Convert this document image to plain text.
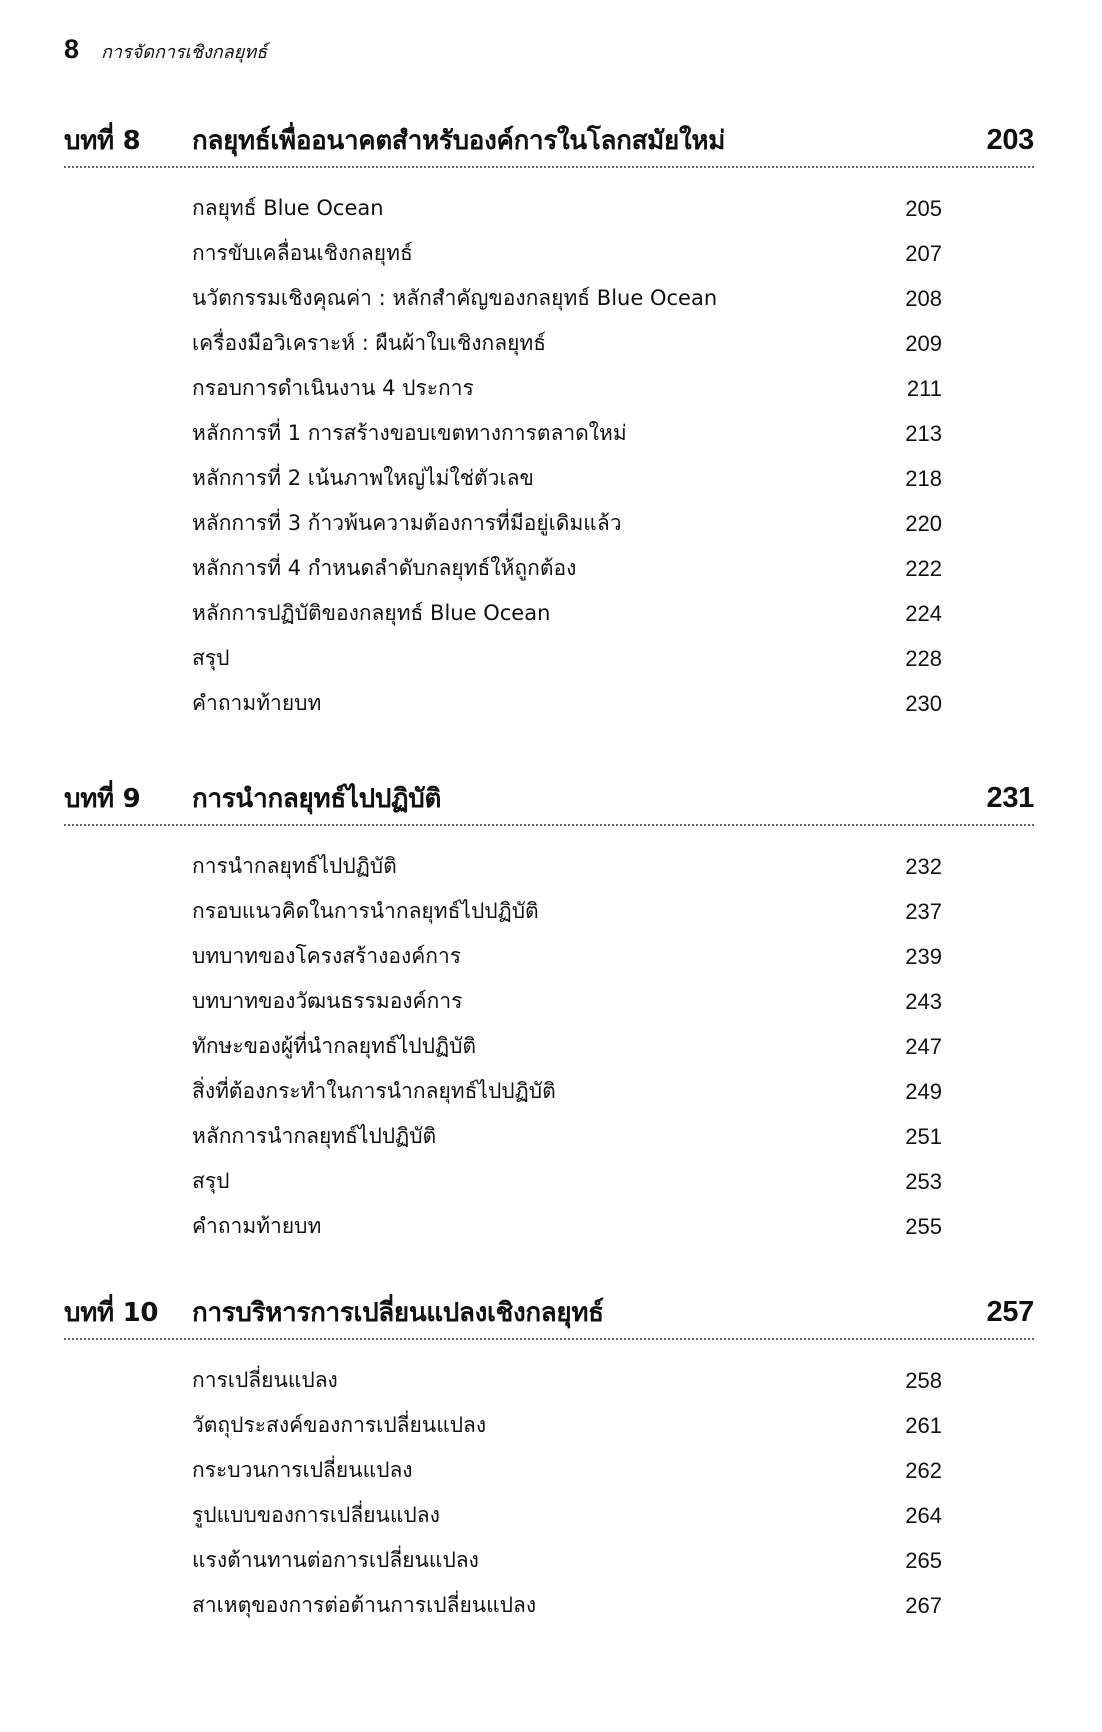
8 การจัดการเชิงกลยุทธ์
บทที่ 8	กลยุทธ์เพื่ออนาคตสำหรับองค์การในโลกสมัยใหม่	203
กลยุทธ์ Blue Ocean	205
การขับเคลื่อนเชิงกลยุทธ์	207
นวัตกรรมเชิงคุณค่า : หลักสำคัญของกลยุทธ์ Blue Ocean	208
เครื่องมือวิเคราะห์ : ผืนผ้าใบเชิงกลยุทธ์	209
กรอบการดำเนินงาน 4 ประการ	211
หลักการที่ 1 การสร้างขอบเขตทางการตลาดใหม่	213
หลักการที่ 2 เน้นภาพใหญ่ไม่ใช่ตัวเลข	218
หลักการที่ 3 ก้าวพ้นความต้องการที่มีอยู่เดิมแล้ว	220
หลักการที่ 4 กำหนดลำดับกลยุทธ์ให้ถูกต้อง	222
หลักการปฏิบัติของกลยุทธ์ Blue Ocean	224
สรุป	228
คำถามท้ายบท	230
บทที่ 9	การนำกลยุทธ์ไปปฏิบัติ	231
การนำกลยุทธ์ไปปฏิบัติ	232
กรอบแนวคิดในการนำกลยุทธ์ไปปฏิบัติ	237
บทบาทของโครงสร้างองค์การ	239
บทบาทของวัฒนธรรมองค์การ	243
ทักษะของผู้ที่นำกลยุทธ์ไปปฏิบัติ	247
สิ่งที่ต้องกระทำในการนำกลยุทธ์ไปปฏิบัติ	249
หลักการนำกลยุทธ์ไปปฏิบัติ	251
สรุป	253
คำถามท้ายบท	255
บทที่ 10	การบริหารการเปลี่ยนแปลงเชิงกลยุทธ์	257
การเปลี่ยนแปลง	258
วัตถุประสงค์ของการเปลี่ยนแปลง	261
กระบวนการเปลี่ยนแปลง	262
รูปแบบของการเปลี่ยนแปลง	264
แรงต้านทานต่อการเปลี่ยนแปลง	265
สาเหตุของการต่อต้านการเปลี่ยนแปลง	267
